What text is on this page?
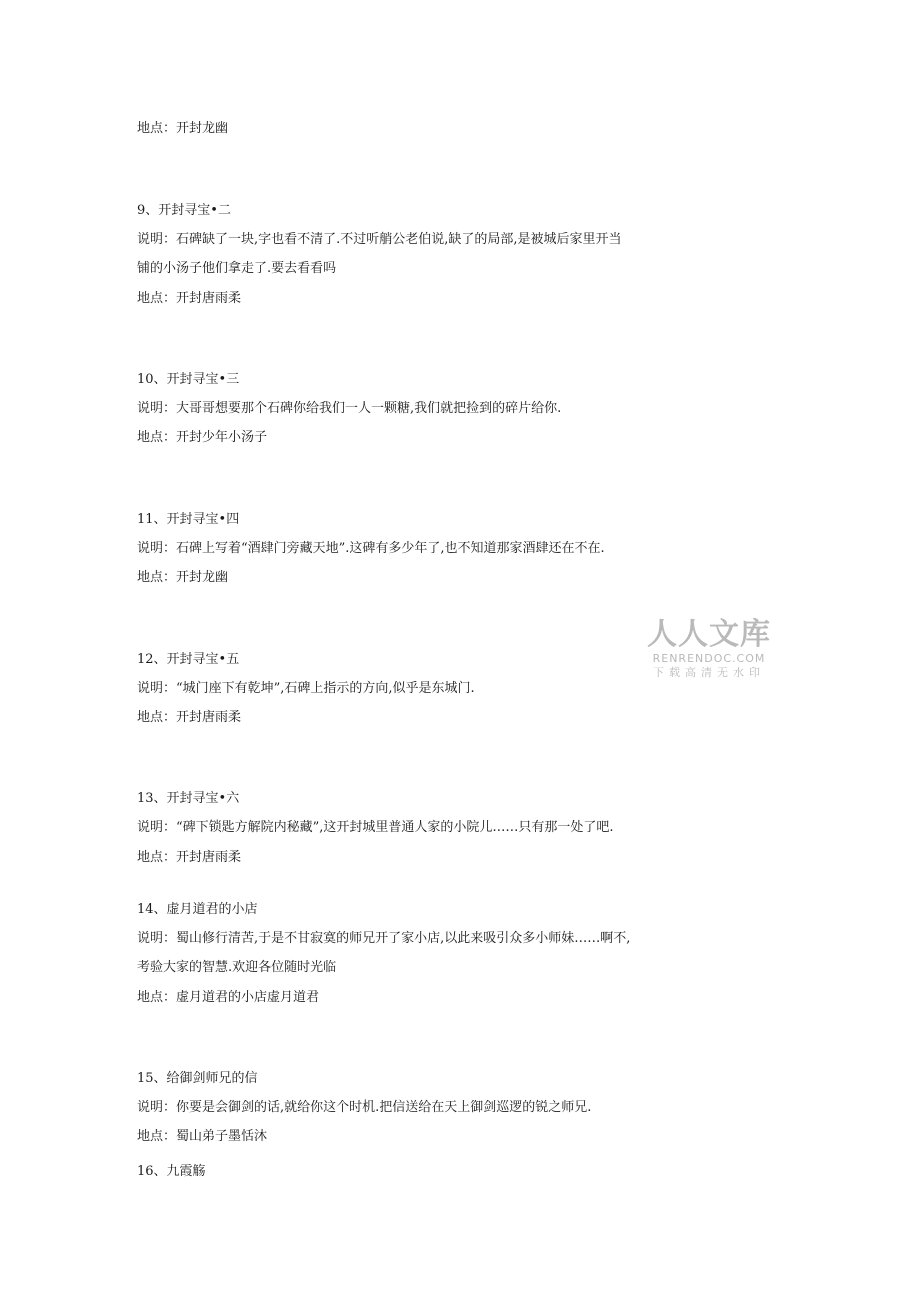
地点：开封龙幽
9、开封寻宝•二
说明：石碑缺了一块,字也看不清了.不过听艄公老伯说,缺了的局部,是被城后家里开当
铺的小汤子他们拿走了.要去看看吗
地点：开封唐雨柔
10、开封寻宝•三
说明：大哥哥想要那个石碑你给我们一人一颗糖,我们就把捡到的碎片给你.
地点：开封少年小汤子
11、开封寻宝•四
说明：石碑上写着“酒肆门旁藏天地”.这碑有多少年了,也不知道那家酒肆还在不在.
地点：开封龙幽
12、开封寻宝•五
说明：“城门座下有乾坤”,石碑上指示的方向,似乎是东城门.
地点：开封唐雨柔
13、开封寻宝•六
说明：“碑下锁匙方解院内秘藏”,这开封城里普通人家的小院儿……只有那一处了吧.
地点：开封唐雨柔
14、虚月道君的小店
说明：蜀山修行清苦,于是不甘寂寞的师兄开了家小店,以此来吸引众多小师妹……啊不,
考验大家的智慧.欢迎各位随时光临
地点：虚月道君的小店虚月道君
15、给御剑师兄的信
说明：你要是会御剑的话,就给你这个时机.把信送给在天上御剑巡逻的锐之师兄.
地点：蜀山弟子墨恬沐
16、九霞觞
人人文库
RENRENDOC.COM
下载高清无水印
